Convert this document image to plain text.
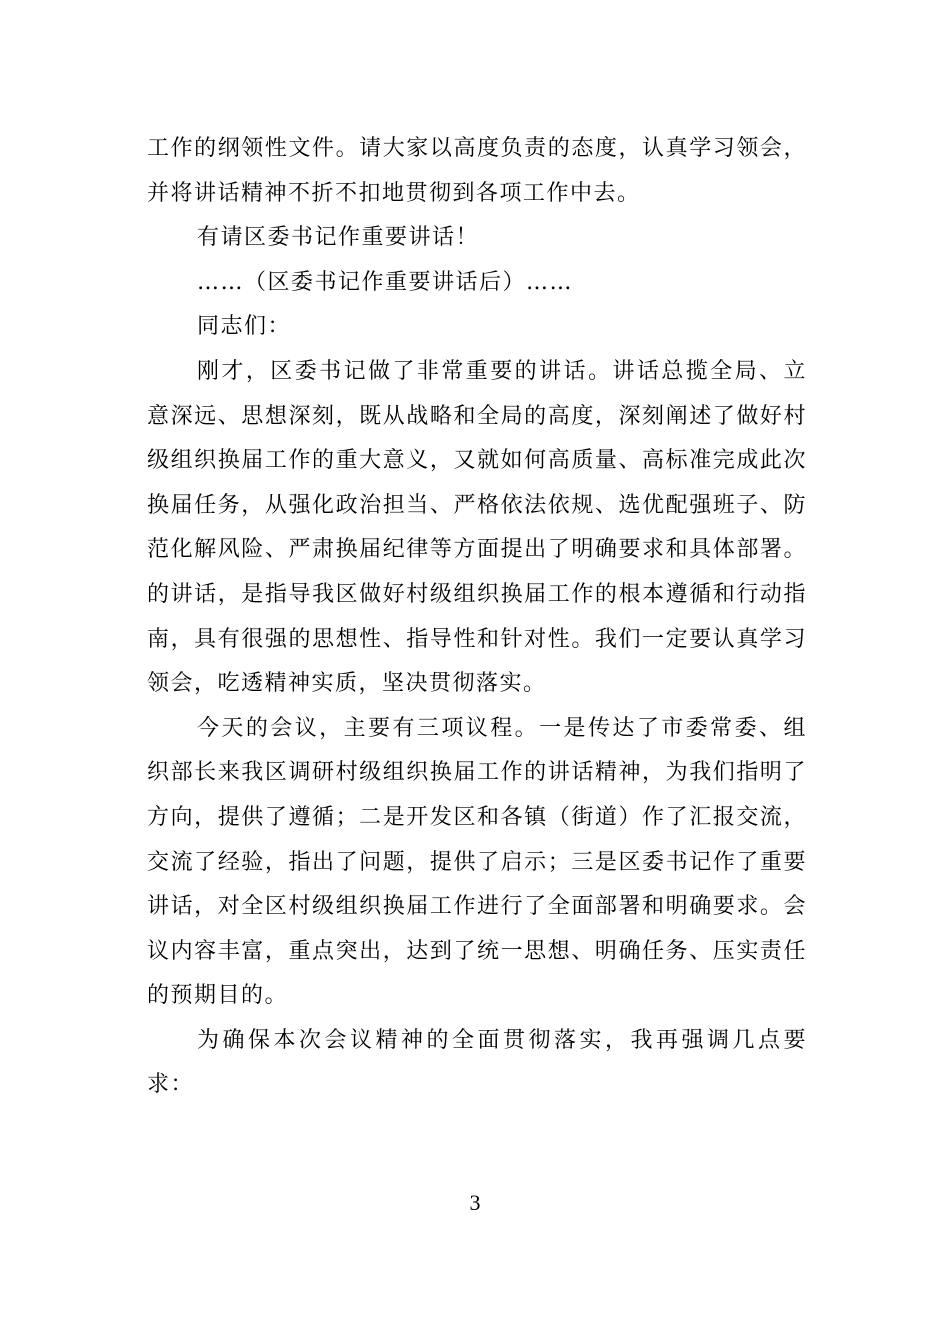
工作的纲领性文件。请大家以高度负责的态度，认真学习领会，并将讲话精神不折不扣地贯彻到各项工作中去。

有请区委书记作重要讲话！

……（区委书记作重要讲话后）……

同志们：

刚才，区委书记做了非常重要的讲话。讲话总揽全局、立意深远、思想深刻，既从战略和全局的高度，深刻阐述了做好村级组织换届工作的重大意义，又就如何高质量、高标准完成此次换届任务，从强化政治担当、严格依法依规、选优配强班子、防范化解风险、严肃换届纪律等方面提出了明确要求和具体部署。的讲话，是指导我区做好村级组织换届工作的根本遵循和行动指南，具有很强的思想性、指导性和针对性。我们一定要认真学习领会，吃透精神实质，坚决贯彻落实。

今天的会议，主要有三项议程。一是传达了市委常委、组织部长来我区调研村级组织换届工作的讲话精神，为我们指明了方向，提供了遵循；二是开发区和各镇（街道）作了汇报交流，交流了经验，指出了问题，提供了启示；三是区委书记作了重要讲话，对全区村级组织换届工作进行了全面部署和明确要求。会议内容丰富，重点突出，达到了统一思想、明确任务、压实责任的预期目的。

为确保本次会议精神的全面贯彻落实，我再强调几点要求：

3
